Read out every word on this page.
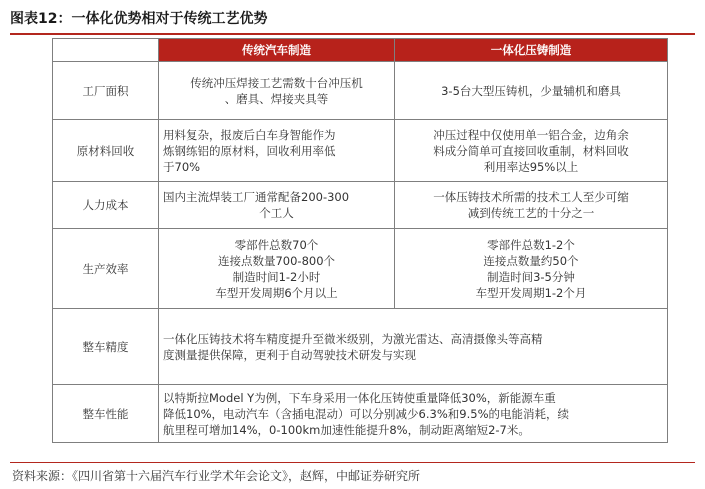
图表12：一体化优势相对于传统工艺优势
	传统汽车制造	一体化压铸制造
工厂面积	传统冲压焊接工艺需数十台冲压机
、磨具、焊接夹具等	3-5台大型压铸机，少量辅机和磨具

原材料回收	用料复杂，报废后白车身智能作为
炼钢练铝的原材料，回收利用率低
于70%	冲压过程中仅使用单一铝合金，边角余
料成分简单可直接回收重制，材料回收
利用率达95%以上

人力成本	国内主流焊装工厂通常配备200-300
个工人	一体压铸技术所需的技术工人至少可缩
减到传统工艺的十分之一

生产效率	零部件总数70个
连接点数量700-800个
制造时间1-2小时
车型开发周期6个月以上	零部件总数1-2个
连接点数量约50个
制造时间3-5分钟
车型开发周期1-2个月

整车精度	一体化压铸技术将车精度提升至微米级别，为激光雷达、高清摄像头等高精
度测量提供保障，更利于自动驾驶技术研发与实现	

整车性能	以特斯拉Model Y为例，下车身采用一体化压铸使重量降低30%，新能源车重
降低10%，电动汽车（含插电混动）可以分别减少6.3%和9.5%的电能消耗，续
航里程可增加14%，0-100km加速性能提升8%，制动距离缩短2-7米。	
资料来源：《四川省第十六届汽车行业学术年会论文》，赵辉，中邮证券研究所
